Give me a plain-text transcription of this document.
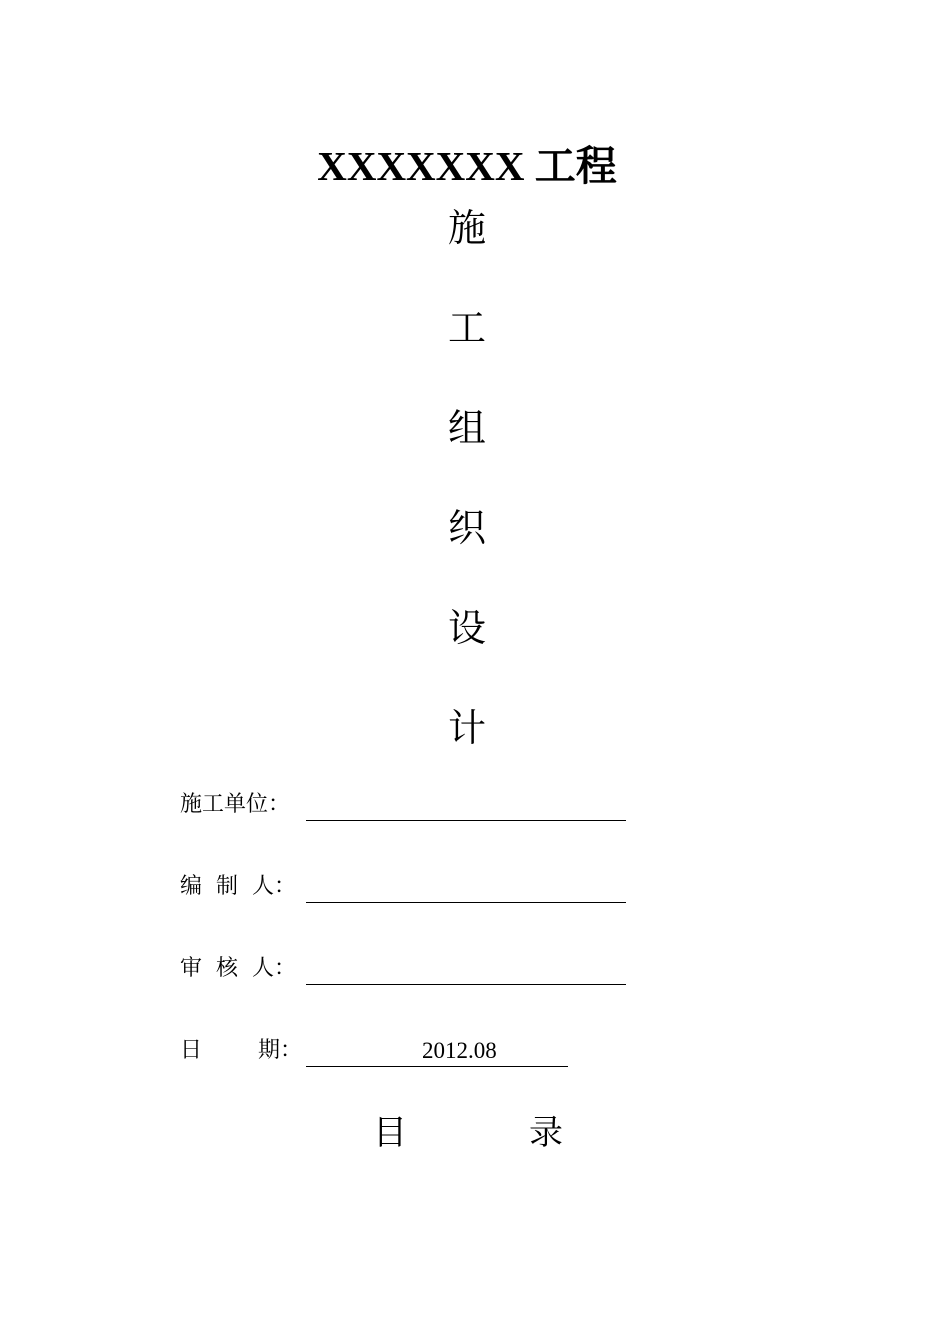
XXXXXXX 工程
施
工
组
织
设
计
施工单位：
编  制  人：
审  核  人：
日        期：	2012.08
目	录
